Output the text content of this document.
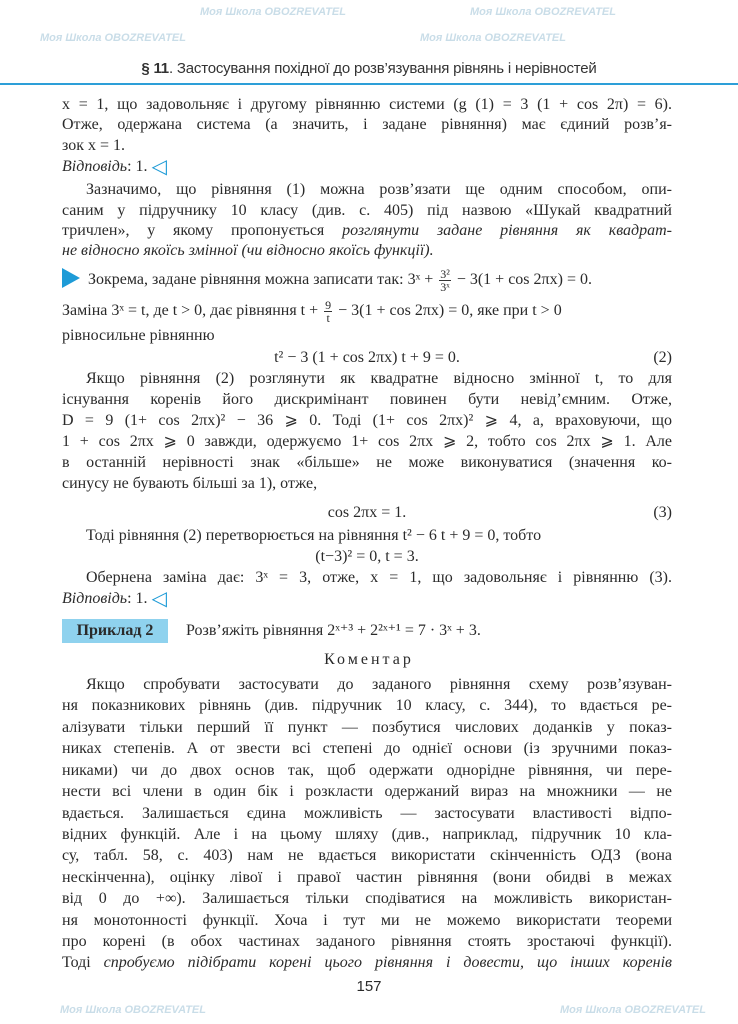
Моя Школа OBOZREVATEL	Моя Школа OBOZREVATEL
Моя Школа OBOZREVATEL	Моя Школа OBOZREVATEL
Моя Школа OBOZREVATEL	Моя Школа OBOZREVATEL
§ 11. Застосування похідної до розв’язування рівнянь і нерівностей
x = 1, що задовольняє і другому рівнянню системи (g (1) = 3 (1 + cos 2π) = 6).
Отже, одержана система (а значить, і задане рівняння) має єдиний розв’я-
зок x = 1.
Відповідь: 1. ◁
Зазначимо, що рівняння (1) можна розв’язати ще одним способом, опи-
саним у підручнику 10 класу (див. с. 405) під назвою «Шукай квадратний
тричлен», у якому пропонується розглянути задане рівняння як квадрат-
не відносно якоїсь змінної (чи відносно якоїсь функції).
Зокрема, задане рівняння можна записати так: 3ˣ + $\frac{\text{3²}}{\text{3ˣ}} - 3(1 + \cos 2\pi x) = 0$.
Заміна 3ˣ = t, де t > 0, дає рівняння $t + \frac{9}{t} - 3(1 + \cos 2\pi x) = 0$, яке при t > 0
рівносильне рівнянню
t² − 3 (1 + cos 2πx) t + 9 = 0.	(2)
Якщо рівняння (2) розглянути як квадратне відносно змінної t, то для
існування коренів його дискримінант повинен бути невід’ємним. Отже,
D = 9 (1+ cos 2πx)² − 36 ⩾ 0. Тоді (1+ cos 2πx)² ⩾ 4, а, враховуючи, що
1 + cos 2πx ⩾ 0 завжди, одержуємо 1+ cos 2πx ⩾ 2, тобто cos 2πx ⩾ 1. Але
в останній нерівності знак «більше» не може виконуватися (значення ко-
синусу не бувають більші за 1), отже,
cos 2πx = 1.	(3)
Тоді рівняння (2) перетворюється на рівняння t² − 6 t + 9 = 0, тобто
(t−3)² = 0, t = 3.
Обернена заміна дає: 3ˣ = 3, отже, x = 1, що задовольняє і рівнянню (3).
Відповідь: 1. ◁
Приклад 2	Розв’яжіть рівняння 2ˣ⁺³ + 2²ˣ⁺¹ = 7 · 3ˣ + 3.
Коментар
Якщо спробувати застосувати до заданого рівняння схему розв’язуван-
ня показникових рівнянь (див. підручник 10 класу, с. 344), то вдається ре-
алізувати тільки перший її пункт — позбутися числових доданків у показ-
никах степенів. А от звести всі степені до однієї основи (із зручними показ-
никами) чи до двох основ так, щоб одержати однорідне рівняння, чи пере-
нести всі члени в один бік і розкласти одержаний вираз на множники — не
вдається. Залишається єдина можливість — застосувати властивості відпо-
відних функцій. Але і на цьому шляху (див., наприклад, підручник 10 кла-
су, табл. 58, с. 403) нам не вдається використати скінченність ОДЗ (вона
нескінченна), оцінку лівої і правої частин рівняння (вони обидві в межах
від 0 до +∞). Залишається тільки сподіватися на можливість використан-
ня монотонності функції. Хоча і тут ми не можемо використати теореми
про корені (в обох частинах заданого рівняння стоять зростаючі функції).
Тоді спробуємо підібрати корені цього рівняння і довести, що інших коренів
157
